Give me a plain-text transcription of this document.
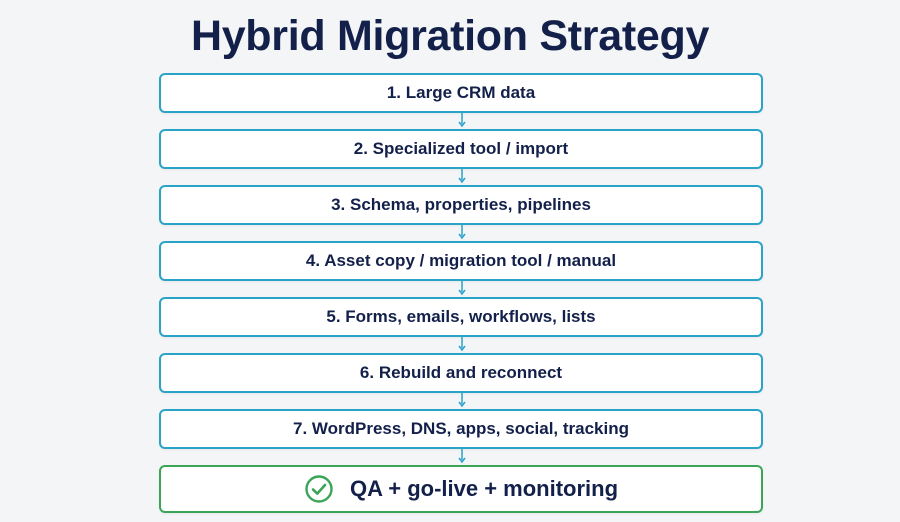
Hybrid Migration Strategy
1. Large CRM data
2. Specialized tool / import
3. Schema, properties, pipelines
4. Asset copy / migration tool / manual
5. Forms, emails, workflows, lists
6. Rebuild and reconnect
7. WordPress, DNS, apps, social, tracking
QA + go-live + monitoring
